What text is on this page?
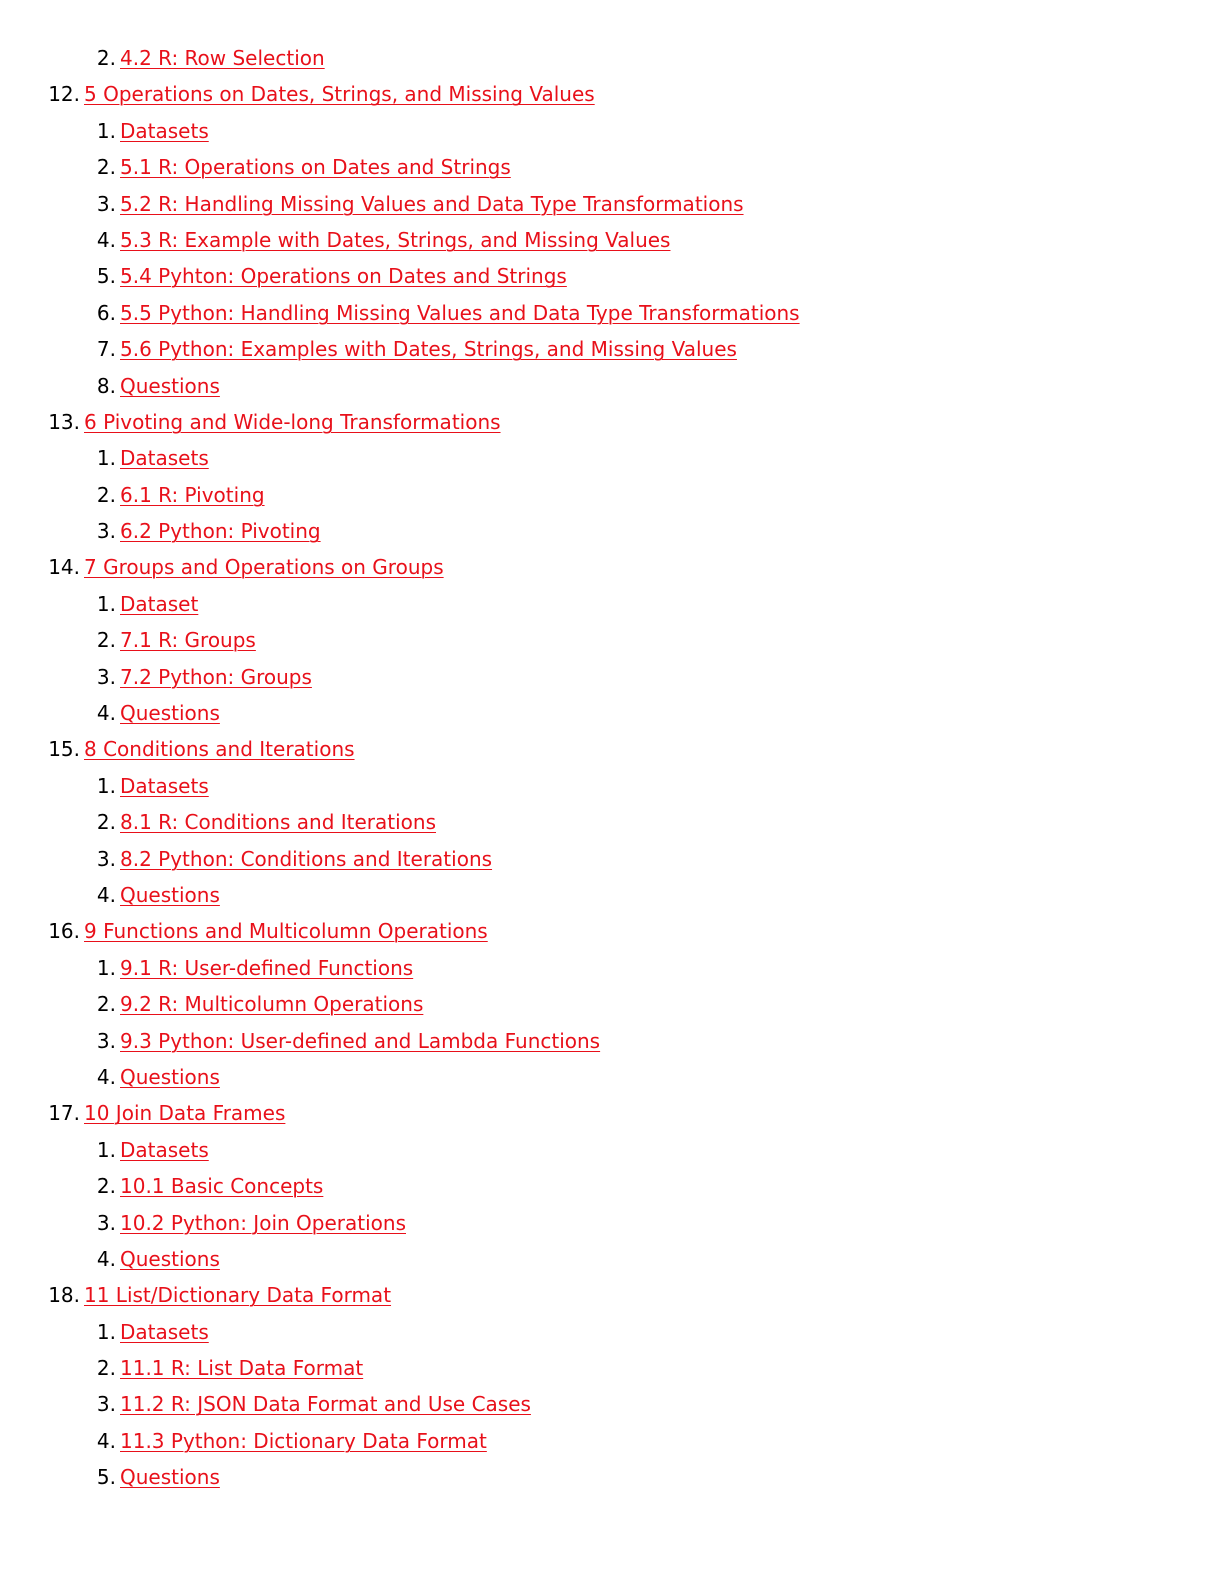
2. 4.2 R: Row Selection
12. 5 Operations on Dates, Strings, and Missing Values
1. Datasets
2. 5.1 R: Operations on Dates and Strings
3. 5.2 R: Handling Missing Values and Data Type Transformations
4. 5.3 R: Example with Dates, Strings, and Missing Values
5. 5.4 Pyhton: Operations on Dates and Strings
6. 5.5 Python: Handling Missing Values and Data Type Transformations
7. 5.6 Python: Examples with Dates, Strings, and Missing Values
8. Questions
13. 6 Pivoting and Wide-long Transformations
1. Datasets
2. 6.1 R: Pivoting
3. 6.2 Python: Pivoting
14. 7 Groups and Operations on Groups
1. Dataset
2. 7.1 R: Groups
3. 7.2 Python: Groups
4. Questions
15. 8 Conditions and Iterations
1. Datasets
2. 8.1 R: Conditions and Iterations
3. 8.2 Python: Conditions and Iterations
4. Questions
16. 9 Functions and Multicolumn Operations
1. 9.1 R: User-defined Functions
2. 9.2 R: Multicolumn Operations
3. 9.3 Python: User-defined and Lambda Functions
4. Questions
17. 10 Join Data Frames
1. Datasets
2. 10.1 Basic Concepts
3. 10.2 Python: Join Operations
4. Questions
18. 11 List/Dictionary Data Format
1. Datasets
2. 11.1 R: List Data Format
3. 11.2 R: JSON Data Format and Use Cases
4. 11.3 Python: Dictionary Data Format
5. Questions
